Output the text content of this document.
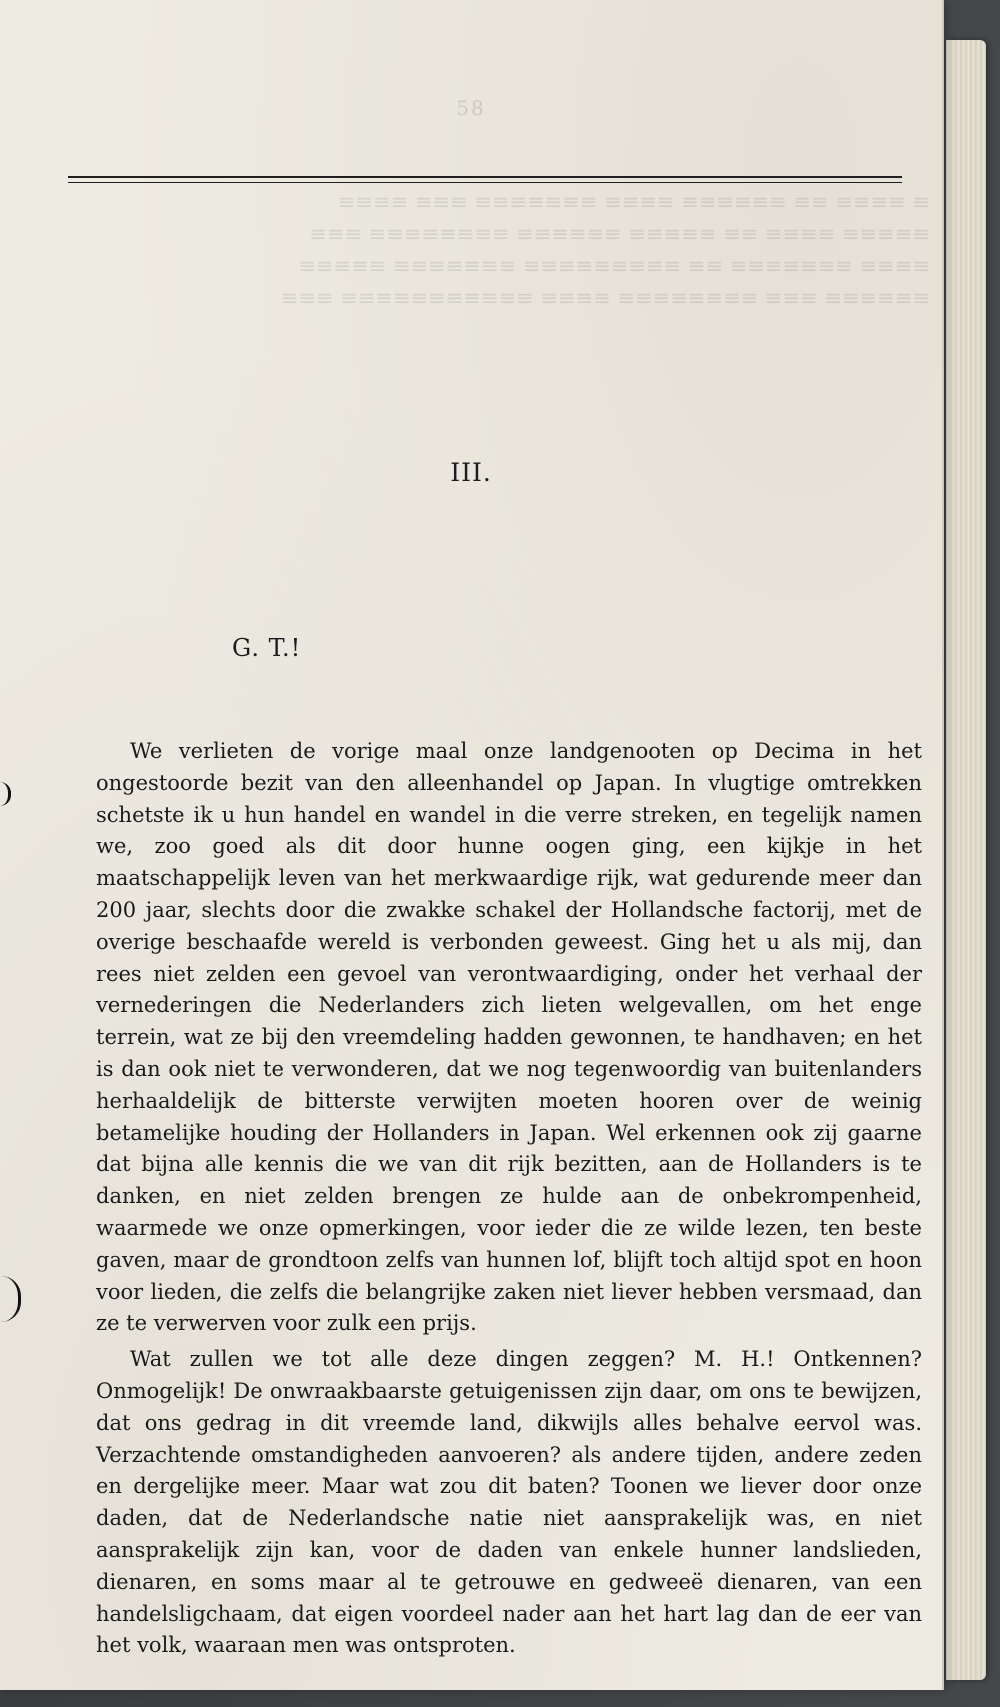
58
≡ ≡≡≡≡ ≡≡ ≡≡≡≡≡≡ ≡≡≡≡ ≡≡≡≡≡≡≡ ≡≡≡ ≡≡≡≡
≡≡≡≡≡ ≡≡≡≡ ≡≡ ≡≡≡≡≡ ≡≡≡≡≡≡ ≡≡≡≡≡≡≡≡ ≡≡≡
≡≡≡≡ ≡≡≡≡≡≡≡ ≡≡ ≡≡≡≡≡≡≡≡≡ ≡≡≡≡≡≡≡ ≡≡≡≡≡
≡≡≡≡≡≡ ≡≡≡ ≡≡≡≡≡≡≡≡ ≡≡≡≡ ≡≡≡≡≡≡≡≡≡≡≡ ≡≡≡
III.
G. T.!

We verlieten de vorige maal onze landgenooten op Decima in het ongestoorde bezit van den alleenhandel op Japan. In vlugtige omtrekken schetste ik u hun handel en wandel in die verre streken, en tegelijk namen we, zoo goed als dit door hunne oogen ging, een kijkje in het maatschappelijk leven van het merkwaardige rijk, wat gedurende meer dan 200 jaar, slechts door die zwakke schakel der Hollandsche factorij, met de overige beschaafde wereld is verbonden geweest. Ging het u als mij, dan rees niet zelden een gevoel van verontwaardiging, onder het verhaal der vernederingen die Nederlanders zich lieten welgevallen, om het enge terrein, wat ze bij den vreemdeling hadden gewonnen, te handhaven; en het is dan ook niet te verwonderen, dat we nog tegenwoordig van buitenlanders herhaaldelijk de bitterste verwijten moeten hooren over de weinig betamelijke houding der Hollanders in Japan. Wel erkennen ook zij gaarne dat bijna alle kennis die we van dit rijk bezitten, aan de Hollanders is te danken, en niet zelden brengen ze hulde aan de onbekrompenheid, waarmede we onze opmerkingen, voor ieder die ze wilde lezen, ten beste gaven, maar de grondtoon zelfs van hunnen lof, blijft toch altijd spot en hoon voor lieden, die zelfs die belangrijke zaken niet liever hebben versmaad, dan ze te verwerven voor zulk een prijs.

Wat zullen we tot alle deze dingen zeggen? M. H.! Ontkennen? Onmogelijk! De onwraakbaarste getuigenissen zijn daar, om ons te bewijzen, dat ons gedrag in dit vreemde land, dikwijls alles behalve eervol was. Verzachtende omstandigheden aanvoeren? als andere tijden, andere zeden en dergelijke meer. Maar wat zou dit baten? Toonen we liever door onze daden, dat de Nederlandsche natie niet aansprakelijk was, en niet aansprakelijk zijn kan, voor de daden van enkele hunner landslieden, dienaren, en soms maar al te getrouwe en gedweeë dienaren, van een handelsligchaam, dat eigen voordeel nader aan het hart lag dan de eer van het volk, waaraan men was ontsproten.
